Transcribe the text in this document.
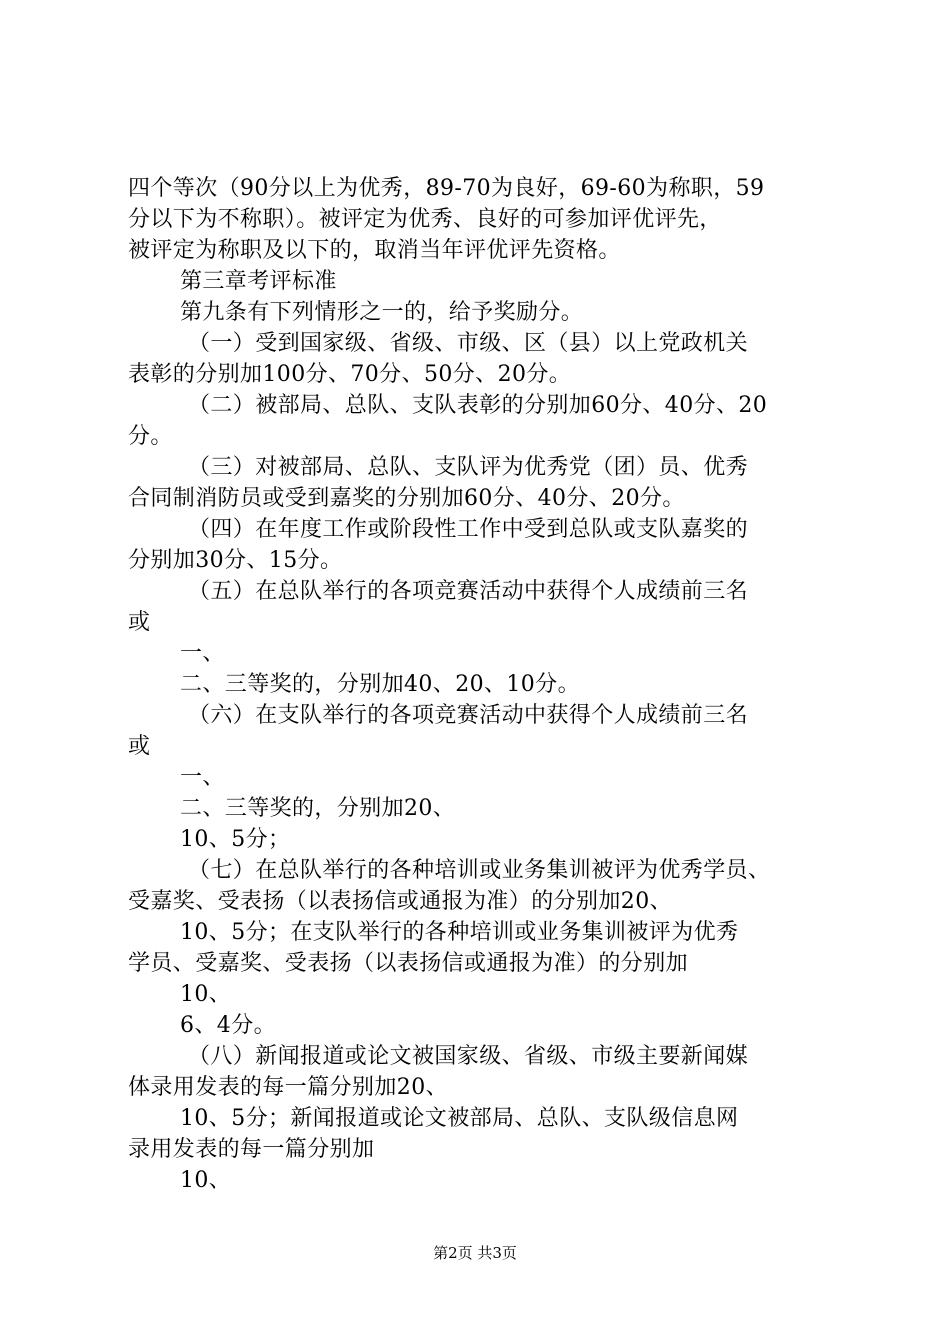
四个等次（90分以上为优秀，89-70为良好，69-60为称职，59
分以下为不称职）。被评定为优秀、良好的可参加评优评先，
被评定为称职及以下的，取消当年评优评先资格。
第三章考评标准
第九条有下列情形之一的，给予奖励分。
（一）受到国家级、省级、市级、区（县）以上党政机关
表彰的分别加100分、70分、50分、20分。
（二）被部局、总队、支队表彰的分别加60分、40分、20
分。
（三）对被部局、总队、支队评为优秀党（团）员、优秀
合同制消防员或受到嘉奖的分别加60分、40分、20分。
（四）在年度工作或阶段性工作中受到总队或支队嘉奖的
分别加30分、15分。
（五）在总队举行的各项竞赛活动中获得个人成绩前三名
或
一、
二、三等奖的，分别加40、20、10分。
（六）在支队举行的各项竞赛活动中获得个人成绩前三名
或
一、
二、三等奖的，分别加20、
10、5分；
（七）在总队举行的各种培训或业务集训被评为优秀学员、
受嘉奖、受表扬（以表扬信或通报为准）的分别加20、
10、5分；在支队举行的各种培训或业务集训被评为优秀
学员、受嘉奖、受表扬（以表扬信或通报为准）的分别加
10、
6、4分。
（八）新闻报道或论文被国家级、省级、市级主要新闻媒
体录用发表的每一篇分别加20、
10、5分；新闻报道或论文被部局、总队、支队级信息网
录用发表的每一篇分别加
10、
第2页 共3页
